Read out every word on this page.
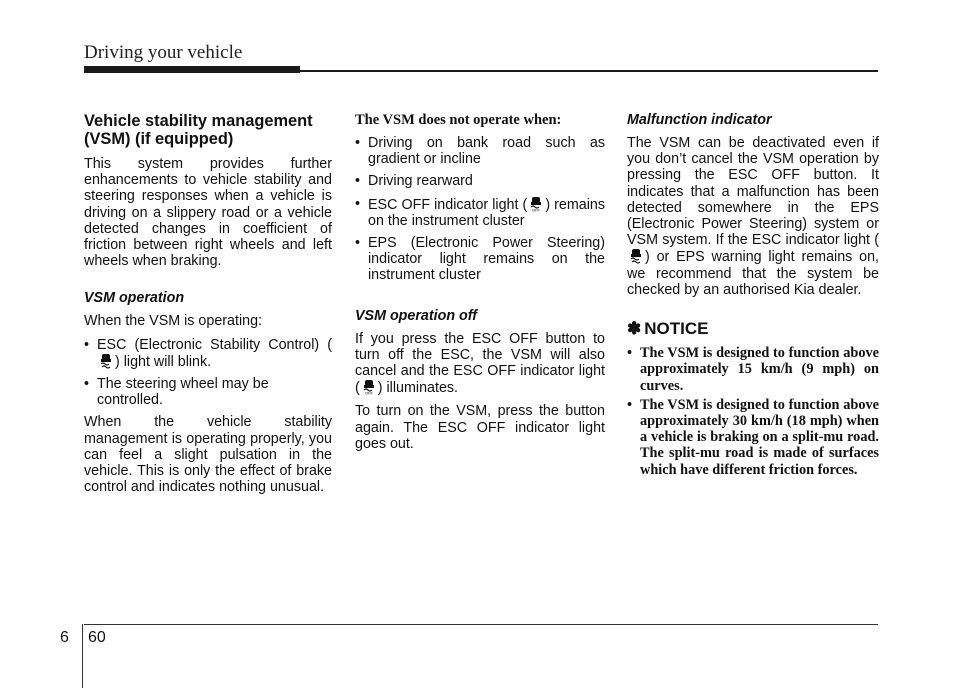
Driving your vehicle
Vehicle stability management (VSM) (if equipped)

This system provides further enhancements to vehicle stability and steering responses when a vehicle is driving on a slippery road or a vehicle detected changes in coefficient of friction between right wheels and left wheels when braking.

VSM operation

When the VSM is operating:

• ESC (Electronic Stability Control) () light will blink.
• The steering wheel may be controlled.

When the vehicle stability management is operating properly, you can feel a slight pulsation in the vehicle. This is only the effect of brake control and indicates nothing unusual.

The VSM does not operate when:
• Driving on bank road such as gradient or incline
• Driving rearward
• ESC OFF indicator light ( OFF ) remains on the instrument cluster
• EPS (Electronic Power Steering) indicator light remains on the instrument cluster
VSM operation off

If you press the ESC OFF button to turn off the ESC, the VSM will also cancel and the ESC OFF indicator light ( OFF ) illuminates.

To turn on the VSM, press the button again. The ESC OFF indicator light goes out.

Malfunction indicator

The VSM can be deactivated even if you don’t cancel the VSM operation by pressing the ESC OFF button. It indicates that a malfunction has been detected somewhere in the EPS (Electronic Power Steering) system or VSM system. If the ESC indicator light () or EPS warning light remains on, we recommend that the system be checked by an authorised Kia dealer.

✽ NOTICE
• The VSM is designed to function above approximately 15 km/h (9 mph) on curves.
• The VSM is designed to function above approximately 30 km/h (18 mph) when a vehicle is braking on a split-mu road. The split-mu road is made of surfaces which have different friction forces.
6 60
